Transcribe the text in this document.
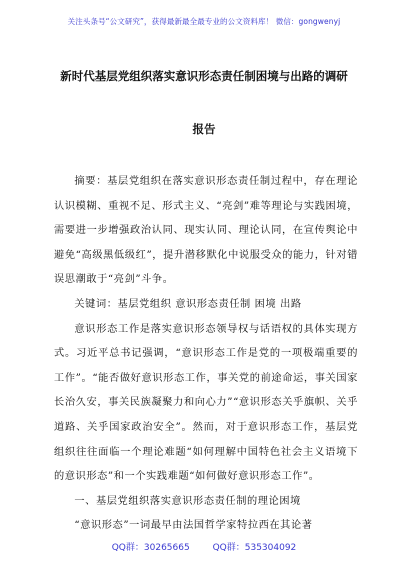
关注头条号“公文研究”，获得最新最全最专业的公文资料库！ 微信：gongwenyj
新时代基层党组织落实意识形态责任制困境与出路的调研
报告

摘要：基层党组织在落实意识形态责任制过程中，存在理论认识模糊、重视不足、形式主义、“亮剑”难等理论与实践困境，需要进一步增强政治认同、现实认同、理论认同，在宣传舆论中避免“高级黑低级红”，提升潜移默化中说服受众的能力，针对错误思潮敢于“亮剑”斗争。

关键词：基层党组织 意识形态责任制 困境 出路

意识形态工作是落实意识形态领导权与话语权的具体实现方式。习近平总书记强调，“意识形态工作是党的一项极端重要的工作”。“能否做好意识形态工作，事关党的前途命运，事关国家长治久安，事关民族凝聚力和向心力”“意识形态关乎旗帜、关乎道路、关乎国家政治安全”。然而，对于意识形态工作，基层党组织往往面临一个理论难题“如何理解中国特色社会主义语境下的意识形态”和一个实践难题“如何做好意识形态工作”。

一、基层党组织落实意识形态责任制的理论困境

“意识形态”一词最早由法国哲学家特拉西在其论著

QQ群：30265665	QQ群：535304092
